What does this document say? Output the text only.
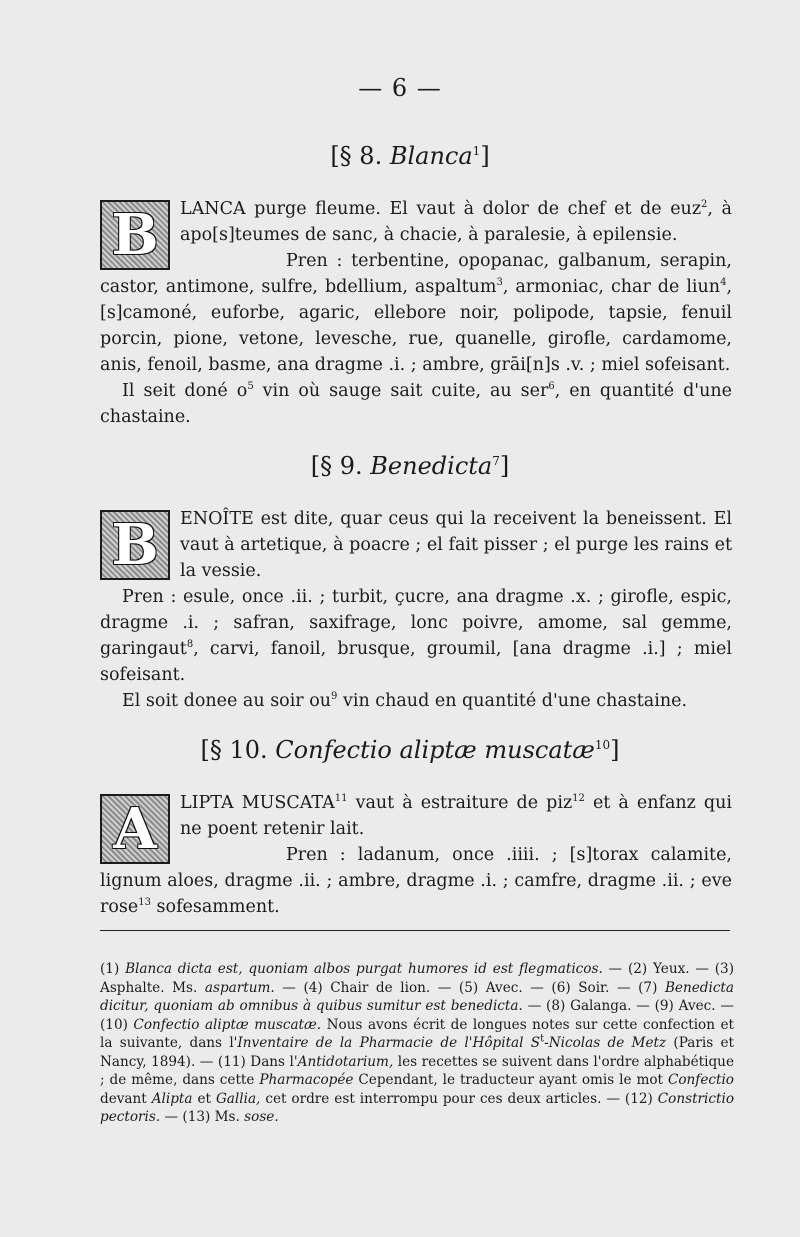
— 6 —
[§ 8. Blanca$^1$]

B	LANCA purge fleume. El vaut à dolor de chef et de euz$^2$, à apo[s]teumes de sanc, à chacie, à paralesie, à epilensie.

Pren : terbentine, opopanac, galbanum, serapin, castor, antimone, sulfre, bdellium, aspaltum$^3$, armoniac, char de liun$^4$, [s]camoné, euforbe, agaric, ellebore noir, polipode, tapsie, fenuil porcin, pione, vetone, levesche, rue, quanelle, girofle, cardamome, anis, fenoil, basme, ana dragme .i. ; ambre, grāi[n]s .v. ; miel sofeisant.

Il seit doné $o^5$ vin où sauge sait cuite, au ser$^6$, en quantité d'une chastaine.

[§ 9. Benedicta$^7$]

B	ENOÎTE est dite, quar ceus qui la receivent la beneissent. El vaut à artetique, à poacre ; el fait pisser ; el purge les rains et la vessie.

Pren : esule, once .ii. ; turbit, çucre, ana dragme .x. ; girofle, espic, dragme .i. ; safran, saxifrage, lonc poivre, amome, sal gemme, garingaut$^8$, carvi, fanoil, brusque, groumil, [ana dragme .i.] ; miel sofeisant.

El soit donee au soir $ou^9$ vin chaud en quantité d'une chastaine.

[§ 10. Confectio aliptæ muscatæ$^{10}$]

A	LIPTA MUSCATA$^{11}$ vaut à estraiture de piz$^{12}$ et à enfanz qui ne poent retenir lait.

Pren : ladanum, once .iiii. ; [s]torax calamite, lignum aloes, dragme .ii. ; ambre, dragme .i. ; camfre, dragme .ii. ; eve rose$^{13}$ sofesamment.

(1) Blanca dicta est, quoniam albos purgat humores id est flegmaticos. — (2) Yeux. — (3) Asphalte. Ms. aspartum. — (4) Chair de lion. — (5) Avec. — (6) Soir. — (7) Benedicta dicitur, quoniam ab omnibus à quibus sumitur est benedicta. — (8) Galanga. — (9) Avec. — (10) Confectio aliptæ muscatæ. Nous avons écrit de longues notes sur cette confection et la suivante, dans l'Inventaire de la Pharmacie de l'Hôpital $S^t$-Nicolas de Metz (Paris et Nancy, 1894). — (11) Dans l'Antidotarium, les recettes se suivent dans l'ordre alphabétique ; de même, dans cette Pharmacopée Cependant, le traducteur ayant omis le mot Confectio devant Alipta et Gallia, cet ordre est interrompu pour ces deux articles. — (12) Constrictio pectoris. — (13) Ms. sose.
